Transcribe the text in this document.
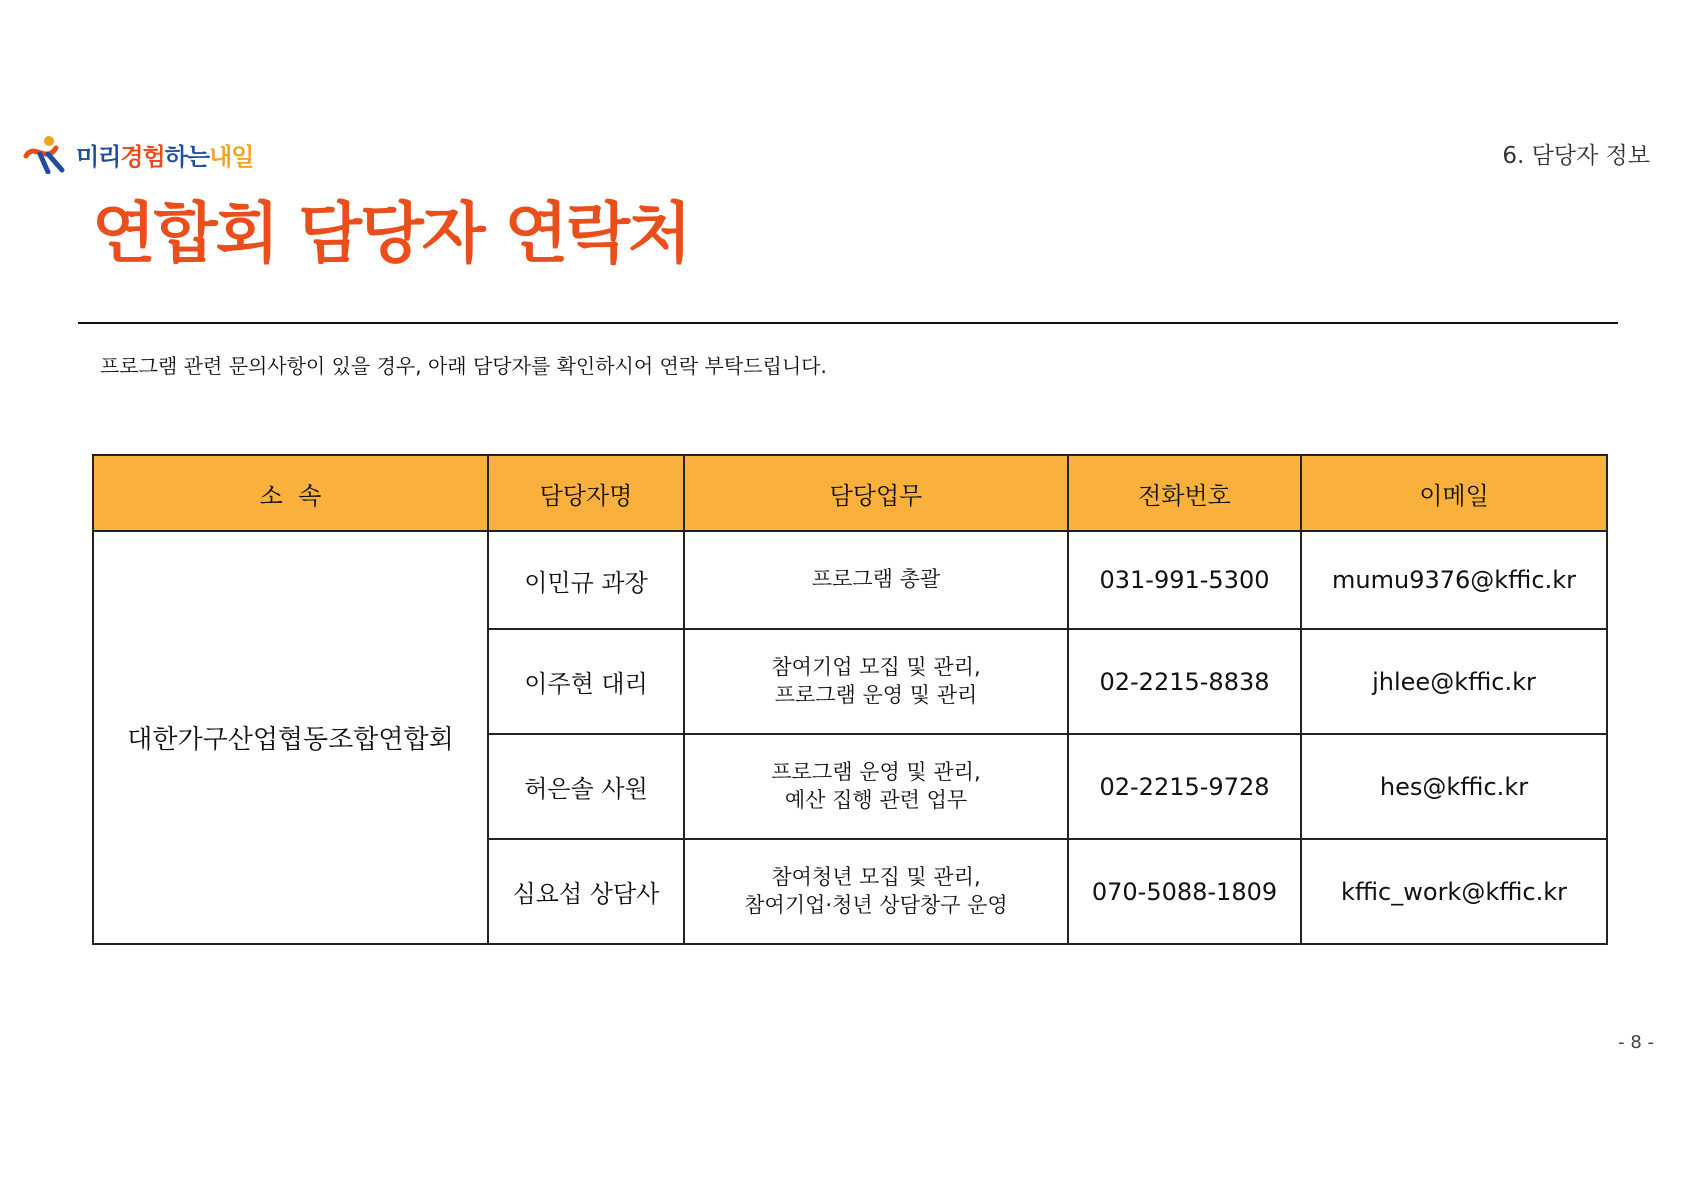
미리경험하는내일	6. 담당자 정보
연합회 담당자 연락처

프로그램 관련 문의사항이 있을 경우, 아래 담당자를 확인하시어 연락 부탁드립니다.

소  속	담당자명	담당업무	전화번호	이메일
대한가구산업협동조합연합회	이민규 과장	프로그램 총괄	031-991-5300	mumu9376@kffic.kr
	이주현 대리	참여기업 모집 및 관리,
프로그램 운영 및 관리	02-2215-8838	jhlee@kffic.kr
	허은솔 사원	프로그램 운영 및 관리,
예산 집행 관련 업무	02-2215-9728	hes@kffic.kr
	심요섭 상담사	참여청년 모집 및 관리,
참여기업·청년 상담창구 운영	070-5088-1809	kffic_work@kffic.kr
- 8 -
